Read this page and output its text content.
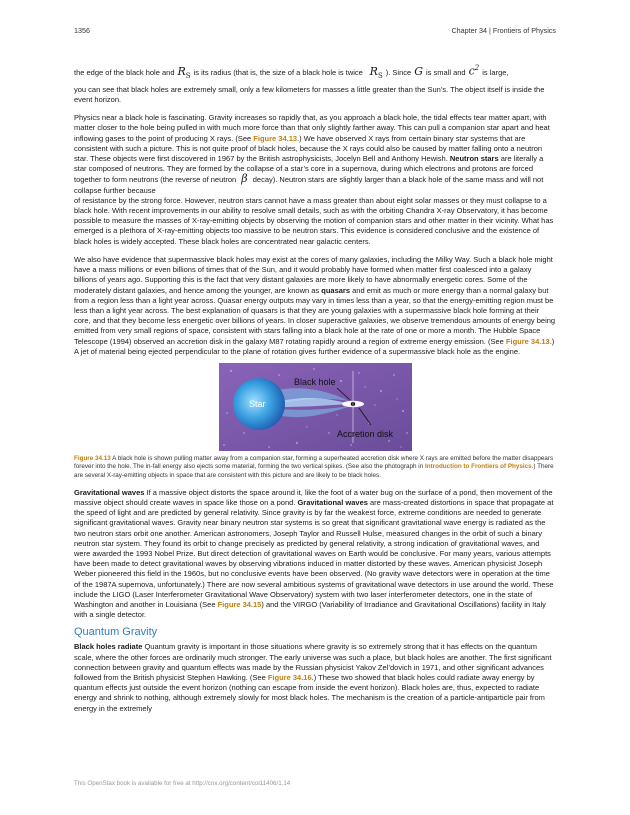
1356	Chapter 34 | Frontiers of Physics
the edge of the black hole and $R_S$ is its radius (that is, the size of a black hole is twice
$R_S$ ). Since G is small and $c^2$ is large,

you can see that black holes are extremely small, only a few kilometers for masses a little greater than the Sun’s. The object itself is inside the event horizon.

Physics near a black hole is fascinating. Gravity increases so rapidly that, as you approach a black hole, the tidal effects tear matter apart, with matter closer to the hole being pulled in with much more force than that only slightly farther away. This can pull a companion star apart and heat inflowing gases to the point of producing X rays. (See Figure 34.13.) We have observed X rays from certain binary star systems that are consistent with such a picture. This is not quite proof of black holes, because the X rays could also be caused by matter falling onto a neutron star. These objects were first discovered in 1967 by the British astrophysicists, Jocelyn Bell and Anthony Hewish. Neutron stars are literally a star composed of neutrons. They are formed by the collapse of a star’s core in a supernova, during which electrons and protons are forced together to form neutrons (the reverse of neutron β decay). Neutron stars are slightly larger than a black hole of the same mass and will not collapse further because

of resistance by the strong force. However, neutron stars cannot have a mass greater than about eight solar masses or they must collapse to a black hole. With recent improvements in our ability to resolve small details, such as with the orbiting Chandra X-ray Observatory, it has become possible to measure the masses of X-ray-emitting objects by observing the motion of companion stars and other matter in their vicinity. What has emerged is a plethora of X-ray-emitting objects too massive to be neutron stars. This evidence is considered conclusive and the existence of black holes is widely accepted. These black holes are concentrated near galactic centers.

We also have evidence that supermassive black holes may exist at the cores of many galaxies, including the Milky Way. Such a black hole might have a mass millions or even billions of times that of the Sun, and it would probably have formed when matter first coalesced into a galaxy billions of years ago. Supporting this is the fact that very distant galaxies are more likely to have abnormally energetic cores. Some of the moderately distant galaxies, and hence among the younger, are known as quasars and emit as much or more energy than a normal galaxy but from a region less than a light year across. Quasar energy outputs may vary in times less than a year, so that the energy-emitting region must be less than a light year across. The best explanation of quasars is that they are young galaxies with a supermassive black hole forming at their core, and that they become less energetic over billions of years. In closer superactive galaxies, we observe tremendous amounts of energy being emitted from very small regions of space, consistent with stars falling into a black hole at the rate of one or more a month. The Hubble Space Telescope (1994) observed an accretion disk in the galaxy M87 rotating rapidly around a region of extreme energy emission. (See Figure 34.13.) A jet of material being ejected perpendicular to the plane of rotation gives further evidence of a supermassive black hole as the engine.

Star
Black hole
Accretion disk

Figure 34.13 A black hole is shown pulling matter away from a companion star, forming a superheated accretion disk where X rays are emitted before the matter disappears forever into the hole. The in-fall energy also ejects some material, forming the two vertical spikes. (See also the photograph in Introduction to Frontiers of Physics.) There are several X-ray-emitting objects in space that are consistent with this picture and are likely to be black holes.

Gravitational waves If a massive object distorts the space around it, like the foot of a water bug on the surface of a pond, then movement of the massive object should create waves in space like those on a pond. Gravitational waves are mass-created distortions in space that propagate at the speed of light and are predicted by general relativity. Since gravity is by far the weakest force, extreme conditions are needed to generate significant gravitational waves. Gravity near binary neutron star systems is so great that significant gravitational wave energy is radiated as the two neutron stars orbit one another. American astronomers, Joseph Taylor and Russell Hulse, measured changes in the orbit of such a binary neutron star system. They found its orbit to change precisely as predicted by general relativity, a strong indication of gravitational waves, and were awarded the 1993 Nobel Prize. But direct detection of gravitational waves on Earth would be conclusive. For many years, various attempts have been made to detect gravitational waves by observing vibrations induced in matter distorted by these waves. American physicist Joseph Weber pioneered this field in the 1960s, but no conclusive events have been observed. (No gravity wave detectors were in operation at the time of the 1987A supernova, unfortunately.) There are now several ambitious systems of gravitational wave detectors in use around the world. These include the LIGO (Laser Interferometer Gravitational Wave Observatory) system with two laser interferometer detectors, one in the state of Washington and another in Louisiana (See Figure 34.15) and the VIRGO (Variability of Irradiance and Gravitational Oscillations) facility in Italy with a single detector.

Quantum Gravity

Black holes radiate Quantum gravity is important in those situations where gravity is so extremely strong that it has effects on the quantum scale, where the other forces are ordinarily much stronger. The early universe was such a place, but black holes are another. The first significant connection between gravity and quantum effects was made by the Russian physicist Yakov Zel’dovich in 1971, and other significant advances followed from the British physicist Stephen Hawking. (See Figure 34.16.) These two showed that black holes could radiate away energy by quantum effects just outside the event horizon (nothing can escape from inside the event horizon). Black holes are, thus, expected to radiate energy and shrink to nothing, although extremely slowly for most black holes. The mechanism is the creation of a particle-antiparticle pair from energy in the extremely

This OpenStax book is available for free at http://cnx.org/content/col11406/1.14
